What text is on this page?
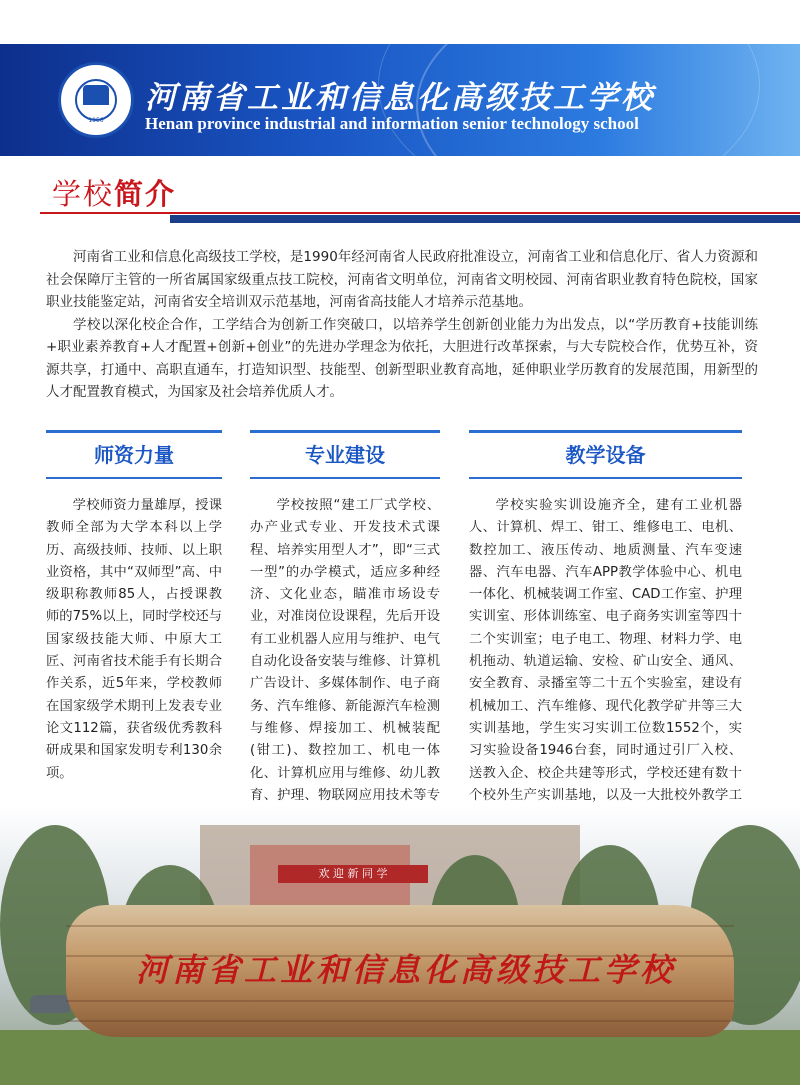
1956
河南省工业和信息化高级技工学校
Henan province industrial and information senior technology school
学校简介

河南省工业和信息化高级技工学校，是1990年经河南省人民政府批准设立，河南省工业和信息化厅、省人力资源和社会保障厅主管的一所省属国家级重点技工院校，河南省文明单位，河南省文明校园、河南省职业教育特色院校，国家职业技能鉴定站，河南省安全培训双示范基地，河南省高技能人才培养示范基地。

学校以深化校企合作，工学结合为创新工作突破口，以培养学生创新创业能力为出发点，以“学历教育+技能训练+职业素养教育+人才配置+创新+创业”的先进办学理念为依托，大胆进行改革探索，与大专院校合作，优势互补，资源共享，打通中、高职直通车，打造知识型、技能型、创新型职业教育高地，延伸职业学历教育的发展范围，用新型的人才配置教育模式，为国家及社会培养优质人才。

师资力量
学校师资力量雄厚，授课教师全部为大学本科以上学历、高级技师、技师、以上职业资格，其中“双师型”高、中级职称教师85人，占授课教师的75%以上，同时学校还与国家级技能大师、中原大工匠、河南省技术能手有长期合作关系，近5年来，学校教师在国家级学术期刊上发表专业论文112篇，获省级优秀教科研成果和国家发明专利130余项。
专业建设
学校按照“建工厂式学校、办产业式专业、开发技术式课程、培养实用型人才”，即“三式一型”的办学模式，适应多种经济、文化业态，瞄准市场设专业，对准岗位设课程，先后开设有工业机器人应用与维护、电气自动化设备安装与维修、计算机广告设计、多媒体制作、电子商务、汽车维修、新能源汽车检测与维修、焊接加工、机械装配(钳工)、数控加工、机电一体化、计算机应用与维修、幼儿教育、护理、物联网应用技术等专
教学设备
学校实验实训设施齐全，建有工业机器人、计算机、焊工、钳工、维修电工、电机、数控加工、液压传动、地质测量、汽车变速器、汽车电器、汽车APP教学体验中心、机电一体化、机械装调工作室、CAD工作室、护理实训室、形体训练室、电子商务实训室等四十二个实训室；电子电工、物理、材料力学、电机拖动、轨道运输、安检、矿山安全、通风、安全教育、录播室等二十五个实验室，建设有机械加工、汽车维修、现代化教学矿井等三大实训基地，学生实习实训工位数1552个，实习实验设备1946台套，同时通过引厂入校、送教入企、校企共建等形式，学校还建有数十个校外生产实训基地，以及一大批校外教学工
欢 迎 新 同 学
河南省工业和信息化高级技工学校
